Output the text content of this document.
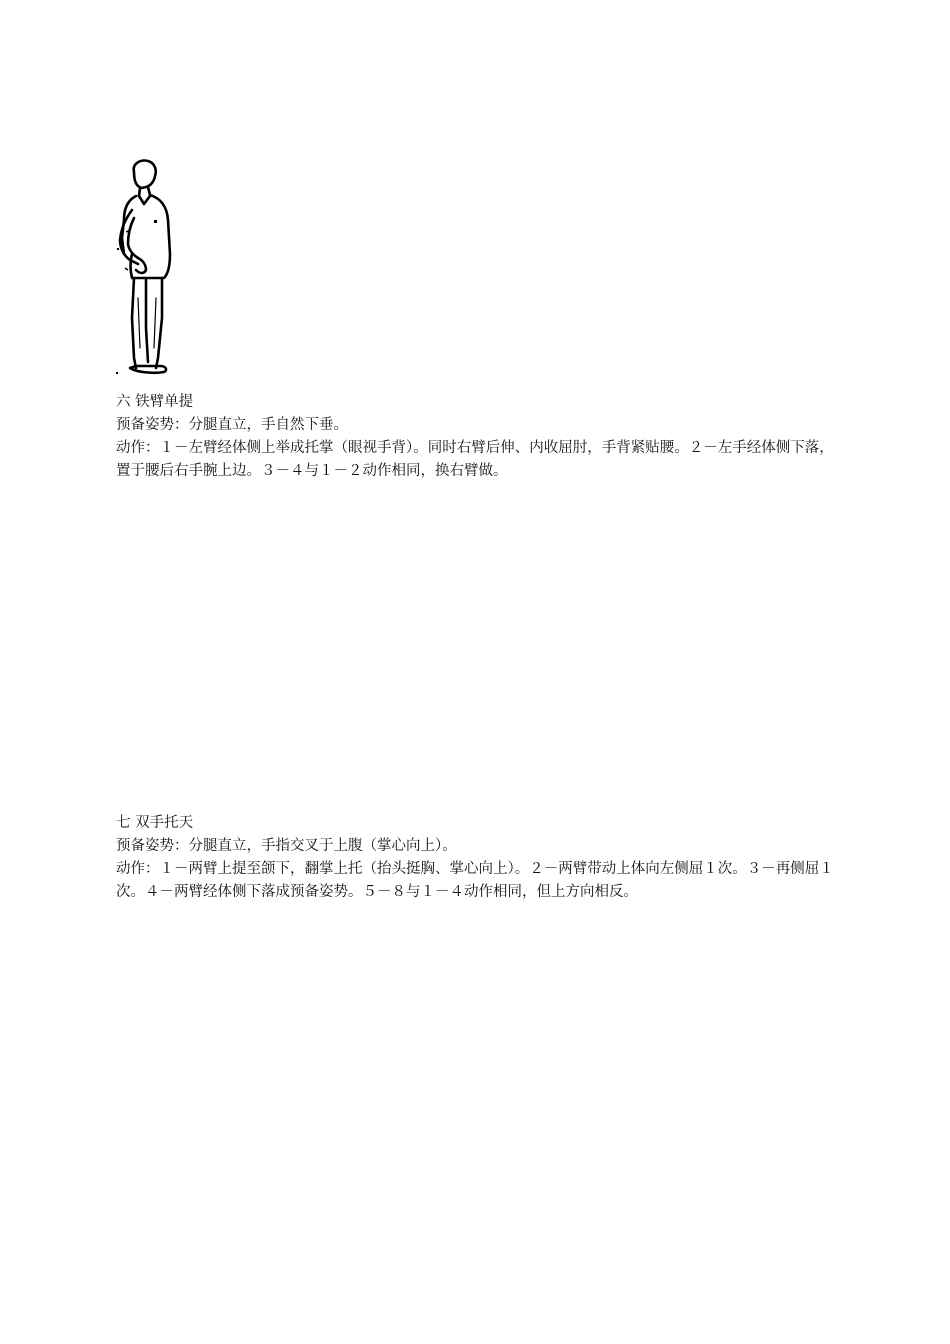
六 铁臂单提

预备姿势：分腿直立，手自然下垂。

动作：１－左臂经体侧上举成托掌（眼视手背）。同时右臂后伸、内收屈肘，手背紧贴腰。２－左手经体侧下落，置于腰后右手腕上边。３－４与１－２动作相同，换右臂做。

七 双手托天

预备姿势：分腿直立，手指交叉于上腹（掌心向上）。

动作：１－两臂上提至颌下，翻掌上托（抬头挺胸、掌心向上）。２－两臂带动上体向左侧屈１次。３－再侧屈１次。４－两臂经体侧下落成预备姿势。５－８与１－４动作相同，但上方向相反。
